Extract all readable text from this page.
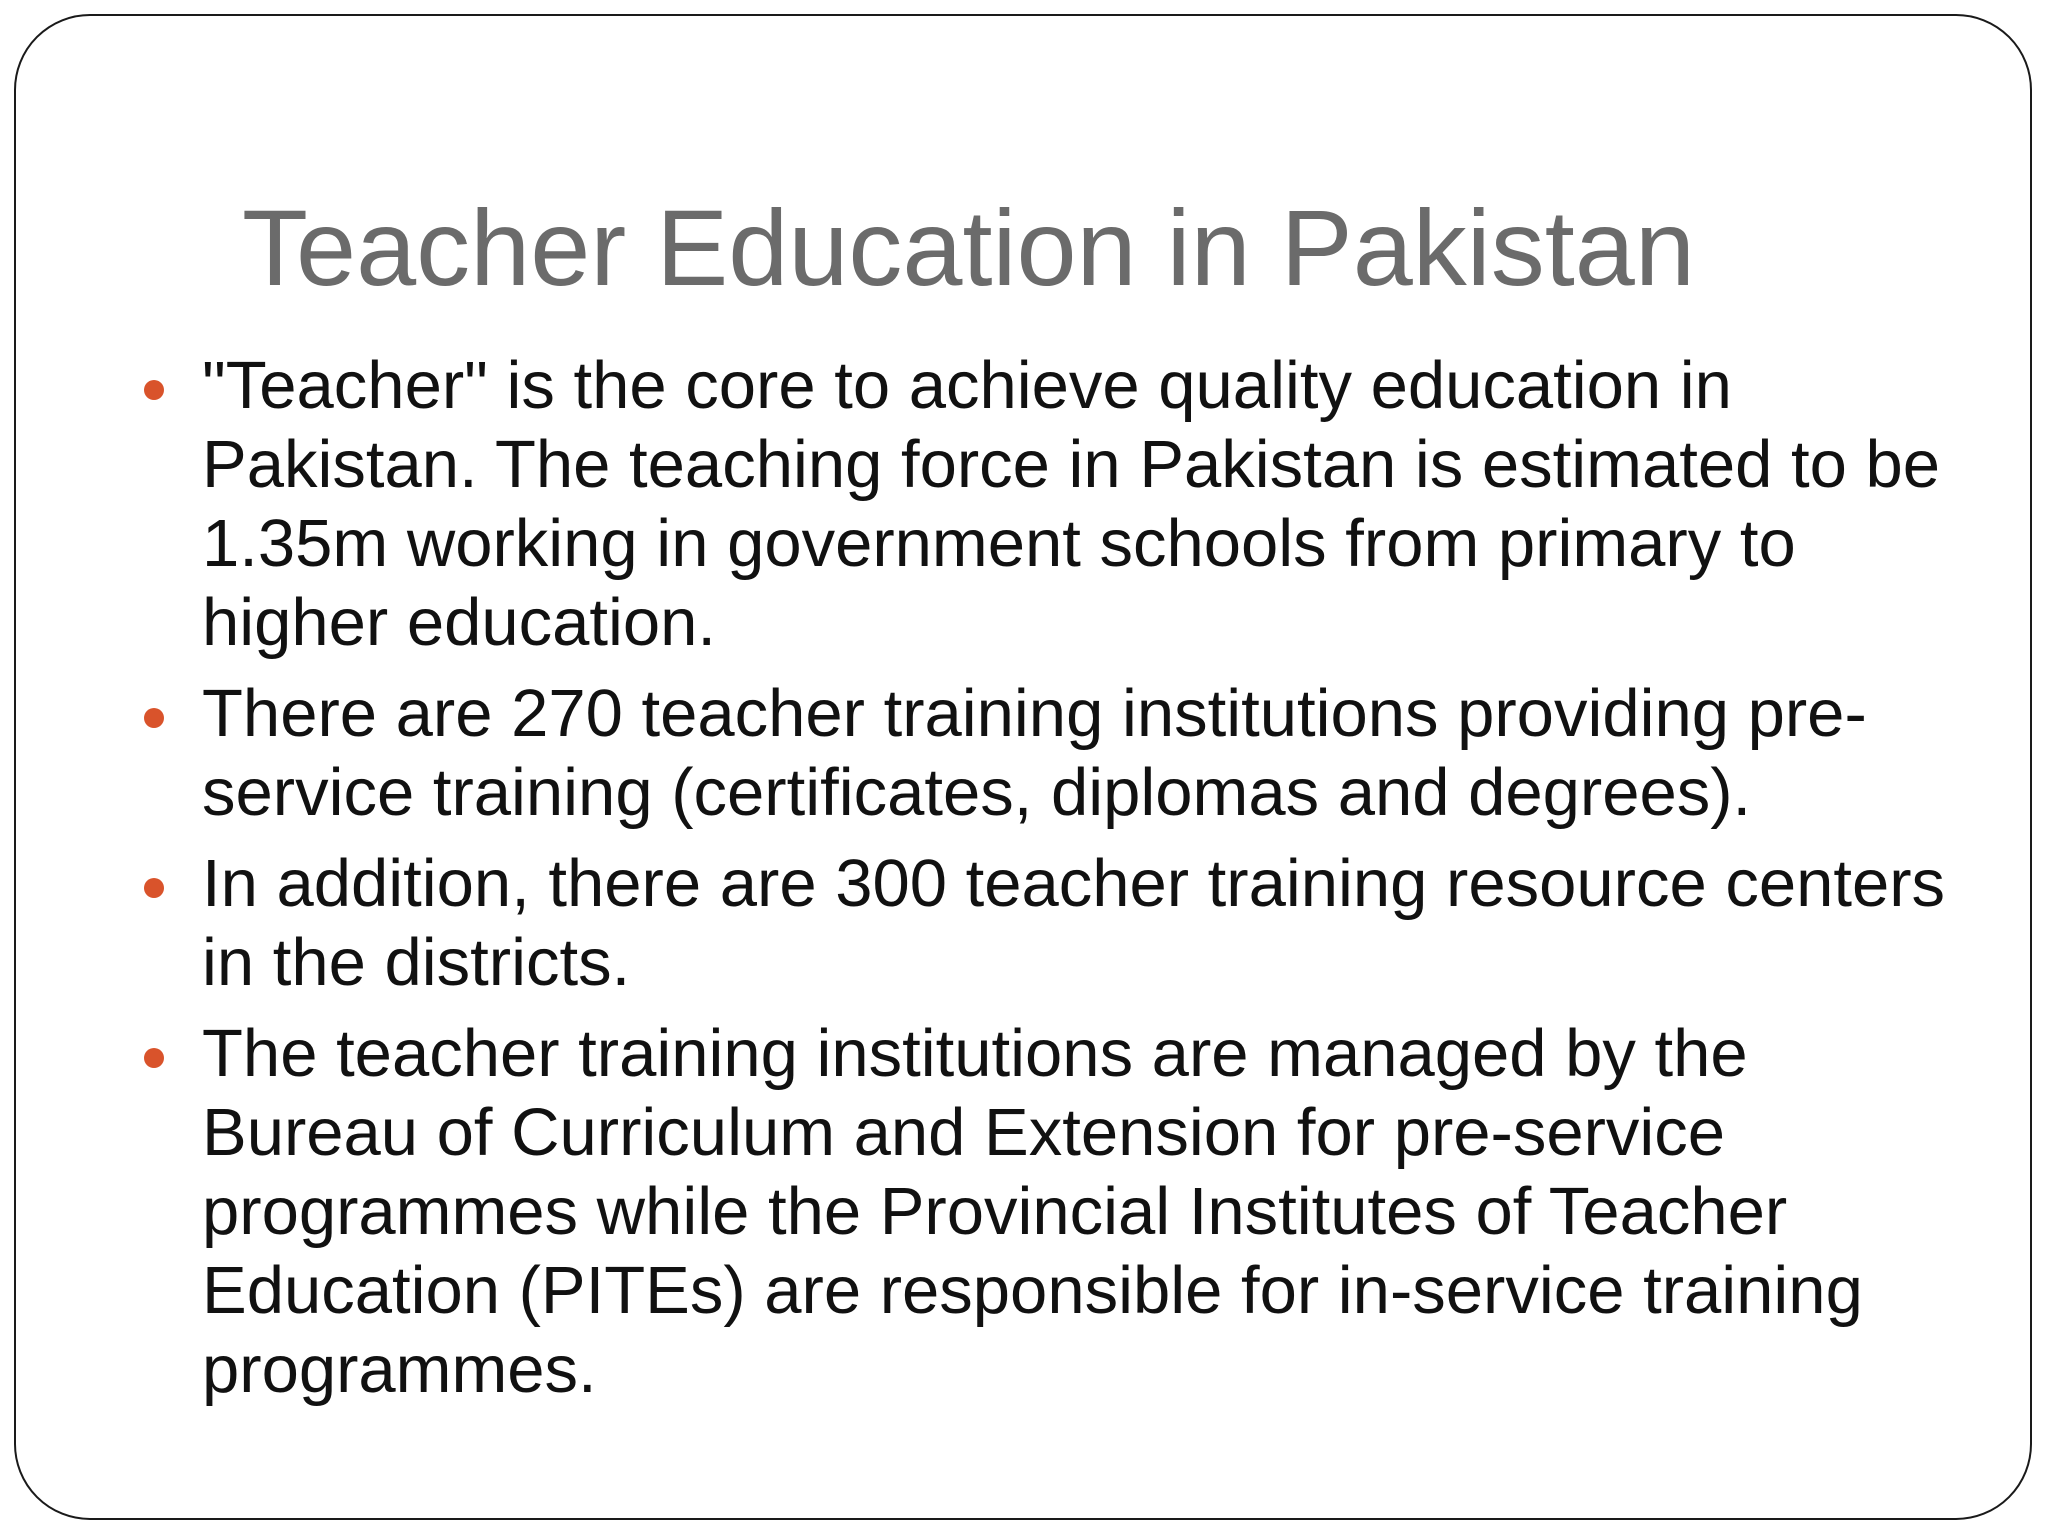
Teacher Education in Pakistan
"Teacher" is the core to achieve quality education in Pakistan. The teaching force in Pakistan is estimated to be 1.35m working in government schools from primary to higher education.
There are 270 teacher training institutions providing pre-service training (certificates, diplomas and degrees).
In addition, there are 300 teacher training resource centers in the districts.
The teacher training institutions are managed by the Bureau of Curriculum and Extension for pre-service programmes while the Provincial Institutes of Teacher Education (PITEs) are responsible for in-service training programmes.
